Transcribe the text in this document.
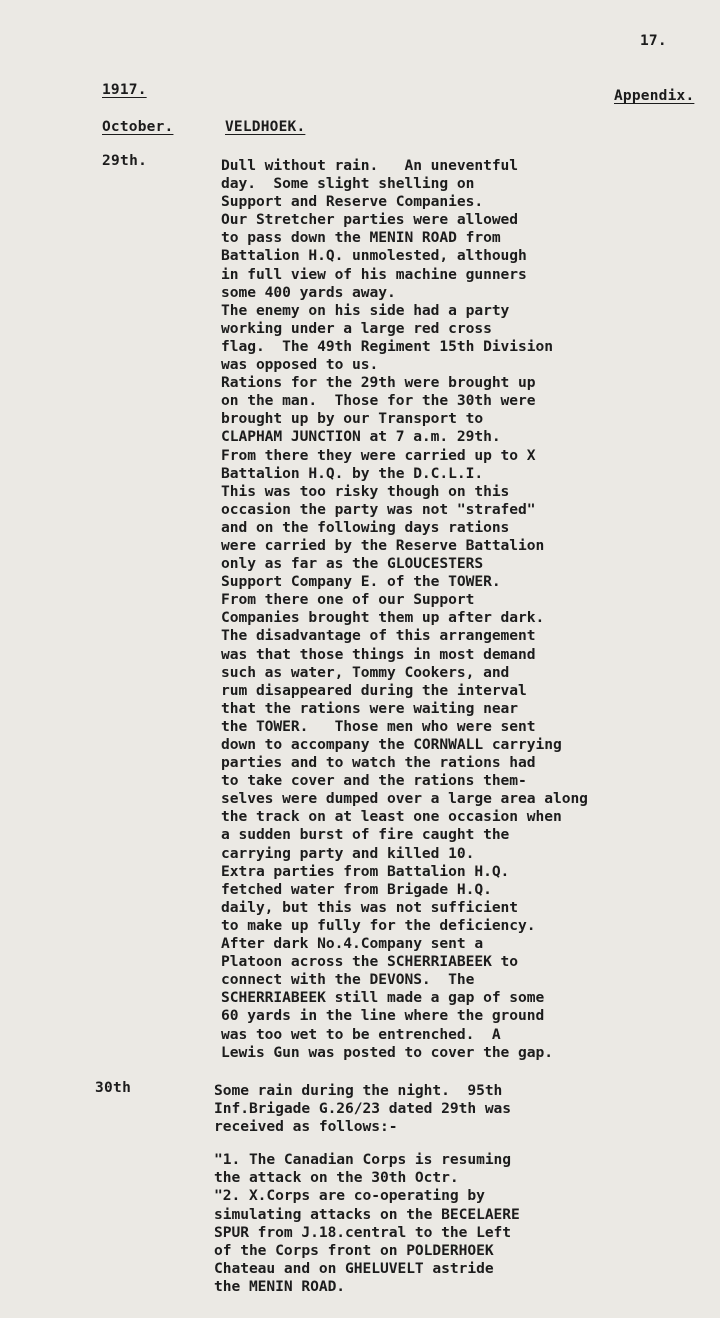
17.
1917.	Appendix.
October.	VELDHOEK.
29th.	Dull without rain.   An uneventful
day.  Some slight shelling on
Support and Reserve Companies.
Our Stretcher parties were allowed
to pass down the MENIN ROAD from
Battalion H.Q. unmolested, although
in full view of his machine gunners
some 400 yards away.
The enemy on his side had a party
working under a large red cross
flag.  The 49th Regiment 15th Division
was opposed to us.
Rations for the 29th were brought up
on the man.  Those for the 30th were
brought up by our Transport to
CLAPHAM JUNCTION at 7 a.m. 29th.
From there they were carried up to X
Battalion H.Q. by the D.C.L.I.
This was too risky though on this
occasion the party was not "strafed"
and on the following days rations
were carried by the Reserve Battalion
only as far as the GLOUCESTERS
Support Company E. of the TOWER.
From there one of our Support
Companies brought them up after dark.
The disadvantage of this arrangement
was that those things in most demand
such as water, Tommy Cookers, and
rum disappeared during the interval
that the rations were waiting near
the TOWER.   Those men who were sent
down to accompany the CORNWALL carrying
parties and to watch the rations had
to take cover and the rations them-
selves were dumped over a large area along
the track on at least one occasion when
a sudden burst of fire caught the
carrying party and killed 10.
Extra parties from Battalion H.Q.
fetched water from Brigade H.Q.
daily, but this was not sufficient
to make up fully for the deficiency.
After dark No.4.Company sent a
Platoon across the SCHERRIABEEK to
connect with the DEVONS.  The
SCHERRIABEEK still made a gap of some
60 yards in the line where the ground
was too wet to be entrenched.  A
Lewis Gun was posted to cover the gap.
30th	Some rain during the night.  95th
Inf.Brigade G.26/23 dated 29th was
received as follows:-
"1. The Canadian Corps is resuming
the attack on the 30th Octr.
"2. X.Corps are co-operating by
simulating attacks on the BECELAERE
SPUR from J.18.central to the Left
of the Corps front on POLDERHOEK
Chateau and on GHELUVELT astride
the MENIN ROAD.
